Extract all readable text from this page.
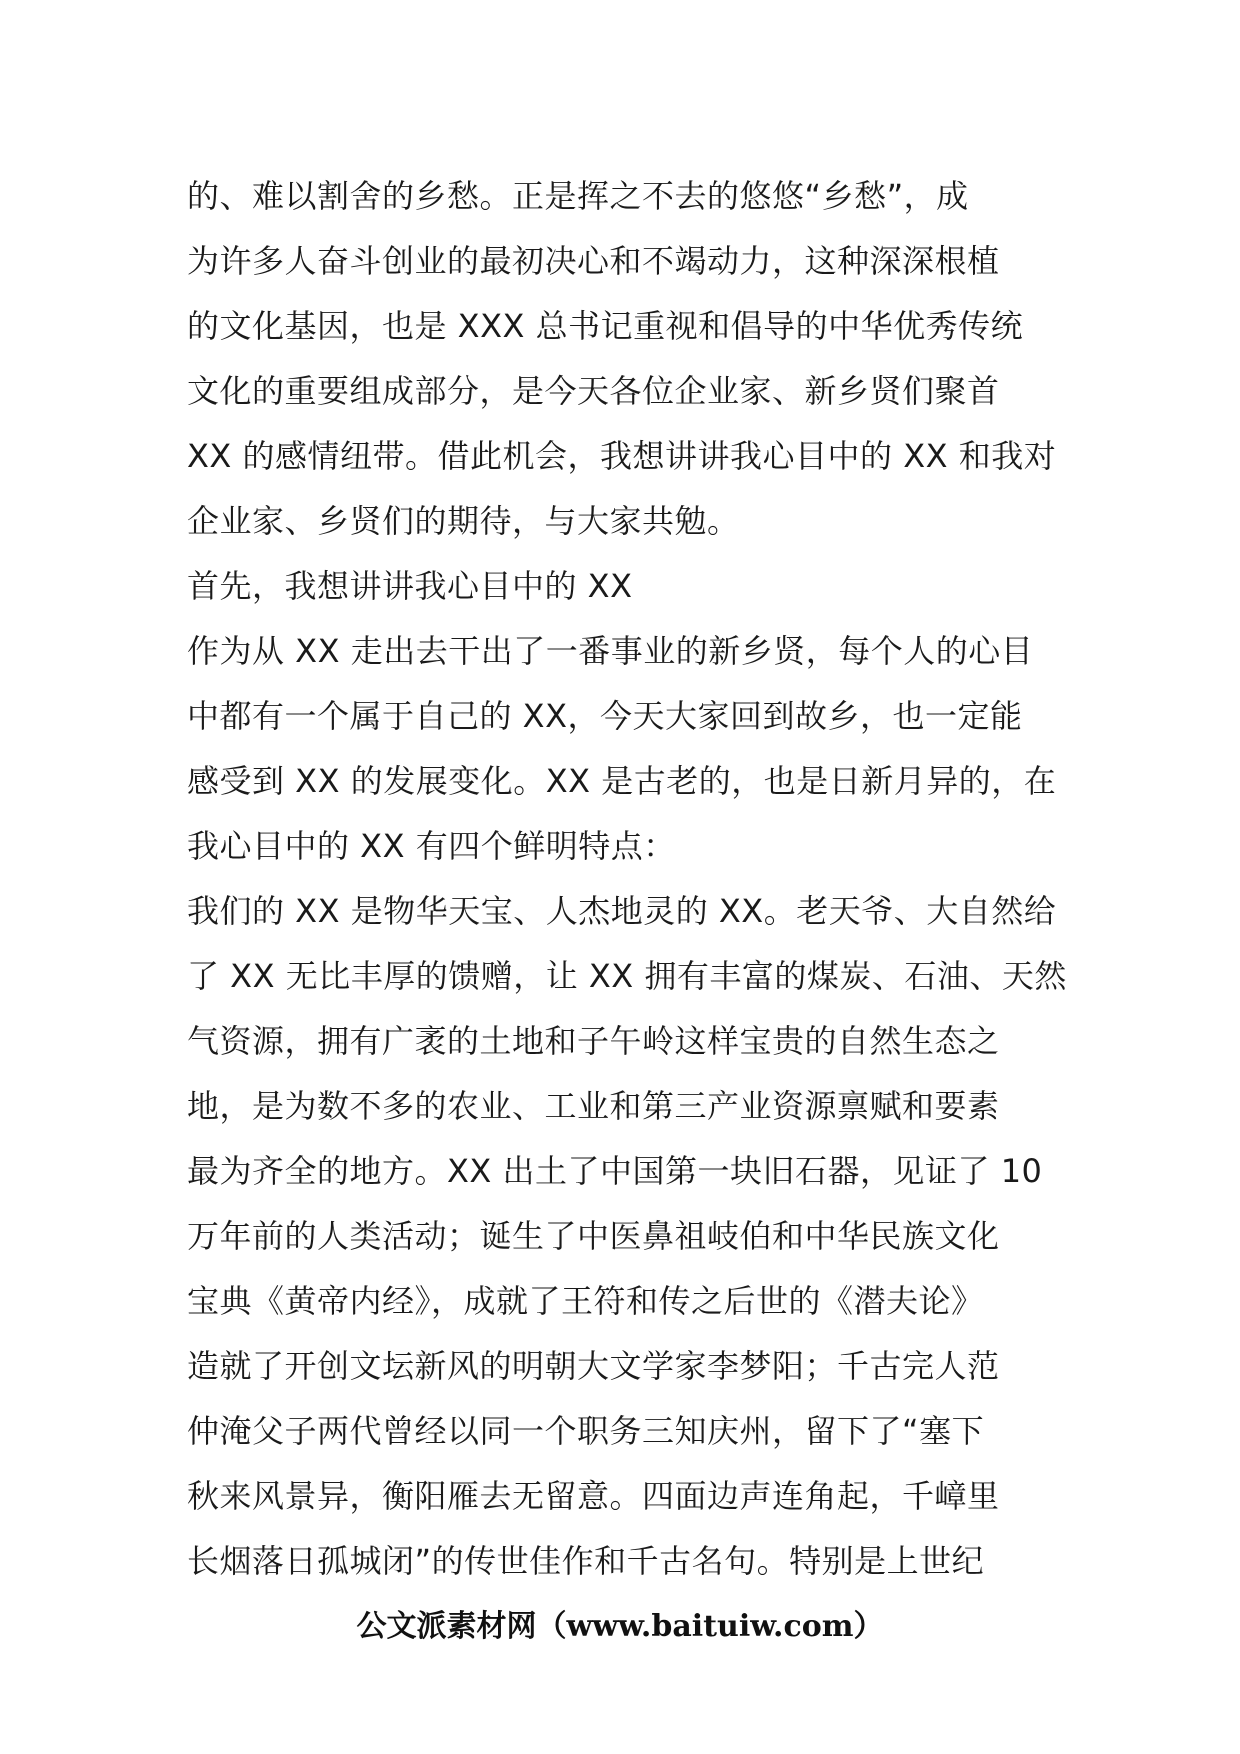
的、难以割舍的乡愁。正是挥之不去的悠悠“乡愁”，成
为许多人奋斗创业的最初决心和不竭动力，这种深深根植
的文化基因，也是 XXX 总书记重视和倡导的中华优秀传统
文化的重要组成部分，是今天各位企业家、新乡贤们聚首
XX 的感情纽带。借此机会，我想讲讲我心目中的 XX 和我对
企业家、乡贤们的期待，与大家共勉。
首先，我想讲讲我心目中的 XX
作为从 XX 走出去干出了一番事业的新乡贤，每个人的心目
中都有一个属于自己的 XX，今天大家回到故乡，也一定能
感受到 XX 的发展变化。XX 是古老的，也是日新月异的，在
我心目中的 XX 有四个鲜明特点：
我们的 XX 是物华天宝、人杰地灵的 XX。老天爷、大自然给
了 XX 无比丰厚的馈赠，让 XX 拥有丰富的煤炭、石油、天然
气资源，拥有广袤的土地和子午岭这样宝贵的自然生态之
地，是为数不多的农业、工业和第三产业资源禀赋和要素
最为齐全的地方。XX 出土了中国第一块旧石器，见证了 10
万年前的人类活动；诞生了中医鼻祖岐伯和中华民族文化
宝典《黄帝内经》，成就了王符和传之后世的《潜夫论》
造就了开创文坛新风的明朝大文学家李梦阳；千古完人范
仲淹父子两代曾经以同一个职务三知庆州，留下了“塞下
秋来风景异，衡阳雁去无留意。四面边声连角起，千嶂里
长烟落日孤城闭”的传世佳作和千古名句。特别是上世纪
公文派素材网（www.baituiw.com）
